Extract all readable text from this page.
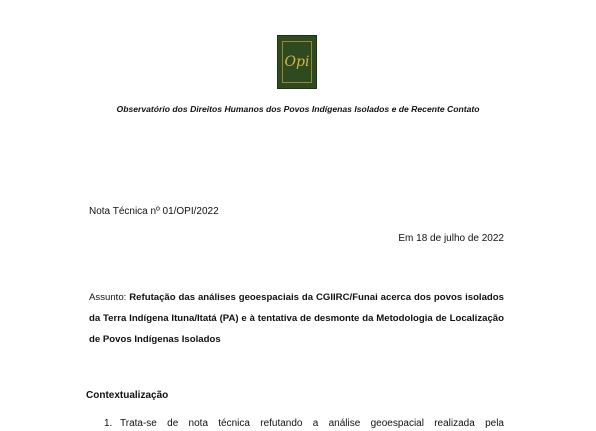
Opi
Observatório dos Direitos Humanos dos Povos Indígenas Isolados e de Recente Contato
Nota Técnica nº 01/OPI/2022
Em 18 de julho de 2022
Assunto: Refutação das análises geoespaciais da CGIIRC/Funai acerca dos povos isolados da Terra Indígena Ituna/Itatá (PA) e à tentativa de desmonte da Metodologia de Localização de Povos Indígenas Isolados
Contextualização
1. Trata-se de nota técnica refutando a análise geoespacial realizada pela
